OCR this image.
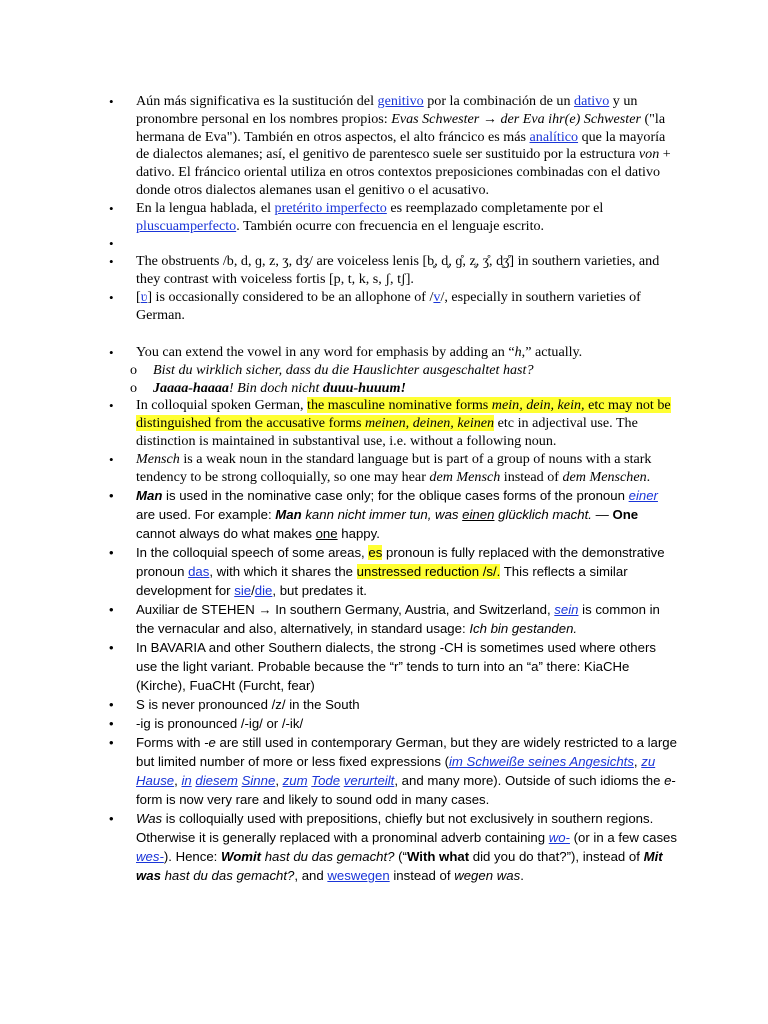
• Aún más significativa es la sustitución del genitivo por la combinación de un dativo y un pronombre personal en los nombres propios: Evas Schwester → der Eva ihr(e) Schwester ("la hermana de Eva"). También en otros aspectos, el alto fráncico es más analítico que la mayoría de dialectos alemanes; así, el genitivo de parentesco suele ser sustituido por la estructura von + dativo. El fráncico oriental utiliza en otros contextos preposiciones combinadas con el dativo donde otros dialectos alemanes usan el genitivo o el acusativo.
• En la lengua hablada, el pretérito imperfecto es reemplazado completamente por el pluscuamperfecto. También ocurre con frecuencia en el lenguaje escrito.
•
• The obstruents /b, d, ɡ, z, ʒ, dʒ/ are voiceless lenis [b̥, d̥, ɡ̊, z̥, ʒ̊, d̥ʒ̊] in southern varieties, and they contrast with voiceless fortis [p, t, k, s, ʃ, tʃ].
• [ʋ] is occasionally considered to be an allophone of /v/, especially in southern varieties of German.
• You can extend the vowel in any word for emphasis by adding an “h,” actually.
o Bist du wirklich sicher, dass du die Hauslichter ausgeschaltet hast?
o Jaaaa-haaaa! Bin doch nicht duuu-huuum!
• In colloquial spoken German, the masculine nominative forms mein, dein, kein, etc may not be distinguished from the accusative forms meinen, deinen, keinen etc in adjectival use. The distinction is maintained in substantival use, i.e. without a following noun.
• Mensch is a weak noun in the standard language but is part of a group of nouns with a stark tendency to be strong colloquially, so one may hear dem Mensch instead of dem Menschen.
• Man is used in the nominative case only; for the oblique cases forms of the pronoun einer are used. For example: Man kann nicht immer tun, was einen glücklich macht. — One cannot always do what makes one happy.
• In the colloquial speech of some areas, es pronoun is fully replaced with the demonstrative pronoun das, with which it shares the unstressed reduction /s/. This reflects a similar development for sie/die, but predates it.
• Auxiliar de STEHEN → In southern Germany, Austria, and Switzerland, sein is common in the vernacular and also, alternatively, in standard usage: Ich bin gestanden.
• In BAVARIA and other Southern dialects, the strong -CH is sometimes used where others use the light variant. Probable because the “r” tends to turn into an “a” there: KiaCHe (Kirche), FuaCHt (Furcht, fear)
• S is never pronounced /z/ in the South
• -ig is pronounced /-ig/ or /-ik/
• Forms with -e are still used in contemporary German, but they are widely restricted to a large but limited number of more or less fixed expressions (im Schweiße seines Angesichts, zu Hause, in diesem Sinne, zum Tode verurteilt, and many more). Outside of such idioms the e-form is now very rare and likely to sound odd in many cases.
• Was is colloquially used with prepositions, chiefly but not exclusively in southern regions. Otherwise it is generally replaced with a pronominal adverb containing wo- (or in a few cases wes-). Hence: Womit hast du das gemacht? (“With what did you do that?”), instead of Mit was hast du das gemacht?, and weswegen instead of wegen was.
